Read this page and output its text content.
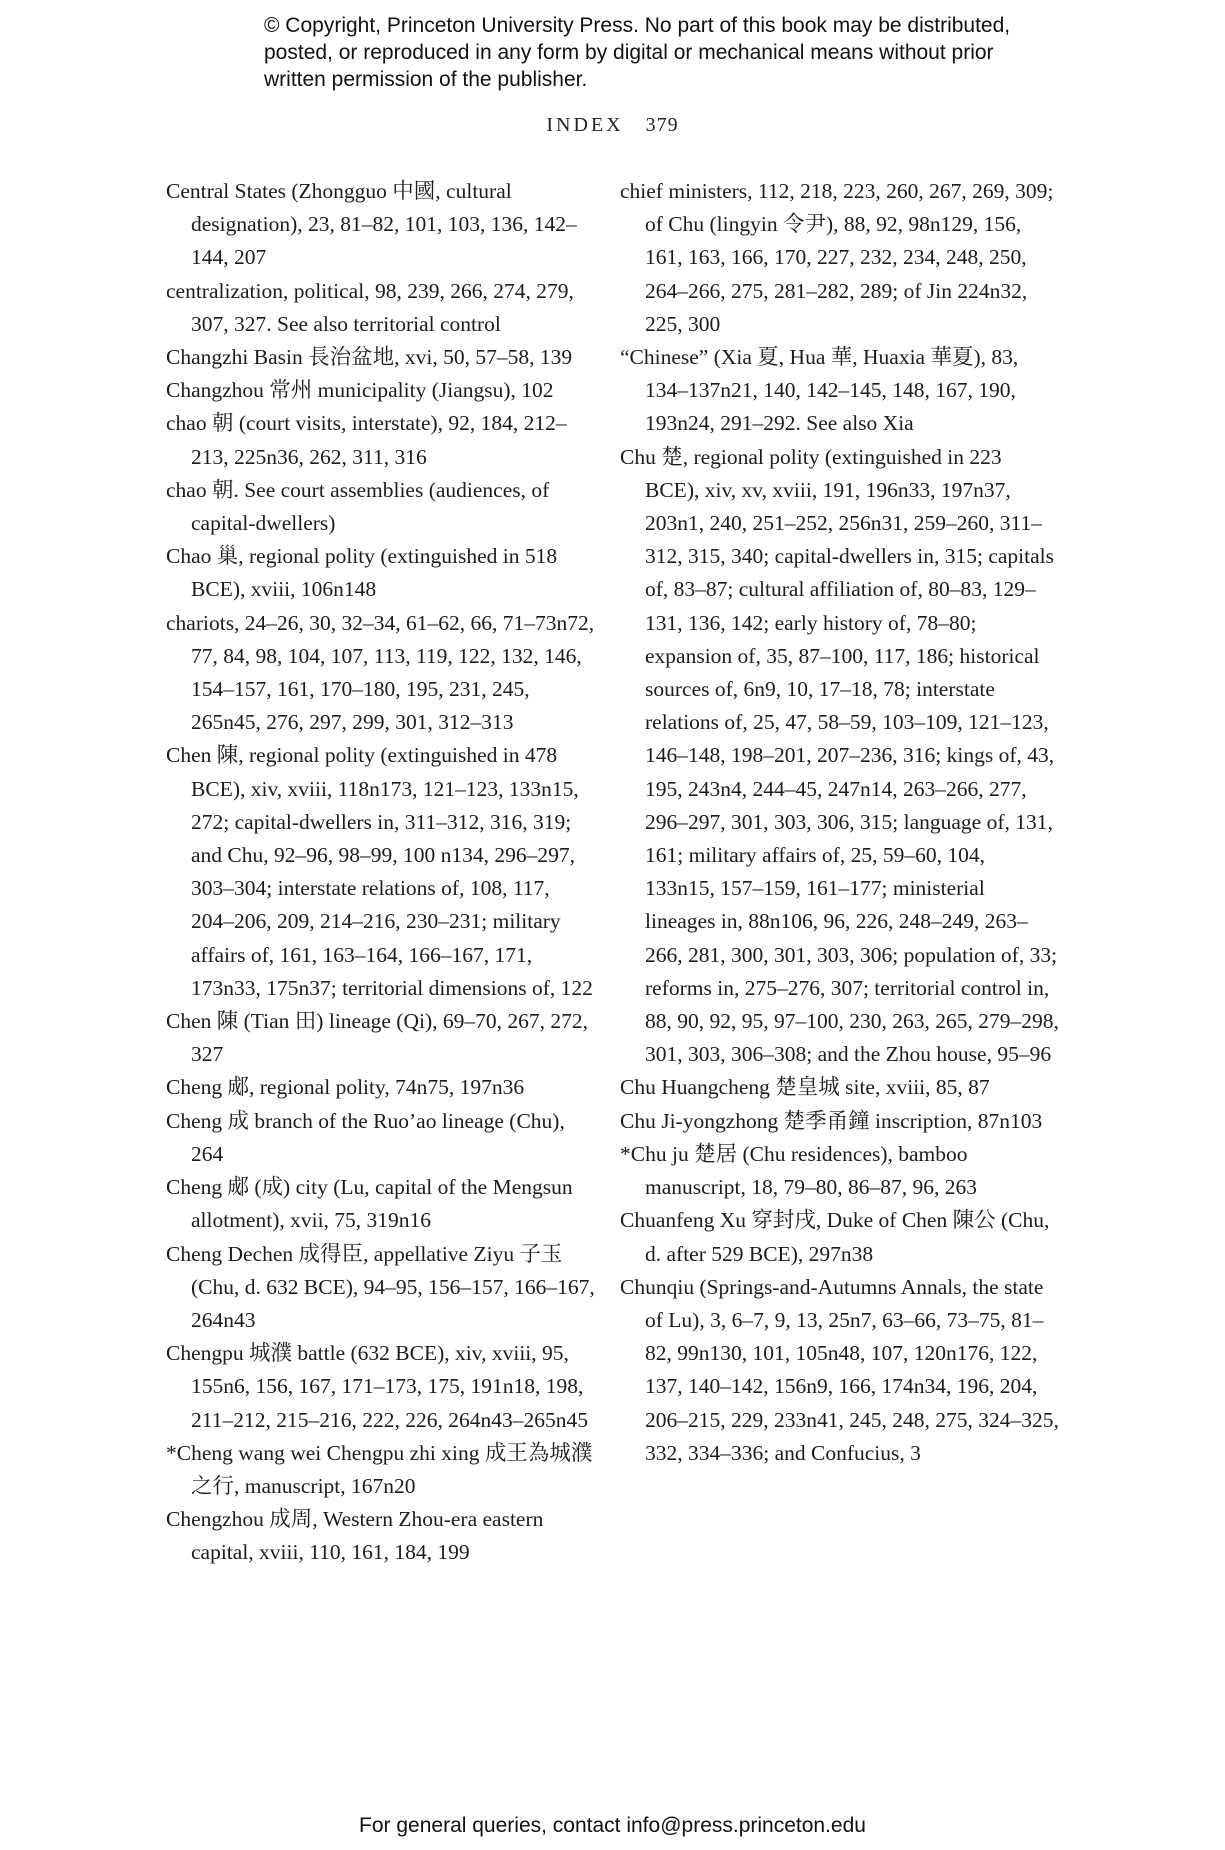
© Copyright, Princeton University Press. No part of this book may be distributed, posted, or reproduced in any form by digital or mechanical means without prior written permission of the publisher.
INDEX 379

Central States (Zhongguo 中國, cultural designation), 23, 81–82, 101, 103, 136, 142–144, 207

centralization, political, 98, 239, 266, 274, 279, 307, 327. See also territorial control

Changzhi Basin 長治盆地, xvi, 50, 57–58, 139

Changzhou 常州 municipality (Jiangsu), 102

chao 朝 (court visits, interstate), 92, 184, 212–213, 225n36, 262, 311, 316

chao 朝. See court assemblies (audiences, of capital-dwellers)

Chao 巢, regional polity (extinguished in 518 BCE), xviii, 106n148

chariots, 24–26, 30, 32–34, 61–62, 66, 71–73n72, 77, 84, 98, 104, 107, 113, 119, 122, 132, 146, 154–157, 161, 170–180, 195, 231, 245, 265n45, 276, 297, 299, 301, 312–313

Chen 陳, regional polity (extinguished in 478 BCE), xiv, xviii, 118n173, 121–123, 133n15, 272; capital-dwellers in, 311–312, 316, 319; and Chu, 92–96, 98–99, 100 n134, 296–297, 303–304; interstate relations of, 108, 117, 204–206, 209, 214–216, 230–231; military affairs of, 161, 163–164, 166–167, 171, 173n33, 175n37; territorial dimensions of, 122

Chen 陳 (Tian 田) lineage (Qi), 69–70, 267, 272, 327

Cheng 郕, regional polity, 74n75, 197n36

Cheng 成 branch of the Ruo’ao lineage (Chu), 264

Cheng 郕 (成) city (Lu, capital of the Mengsun allotment), xvii, 75, 319n16

Cheng Dechen 成得臣, appellative Ziyu 子玉 (Chu, d. 632 BCE), 94–95, 156–157, 166–167, 264n43

Chengpu 城濮 battle (632 BCE), xiv, xviii, 95, 155n6, 156, 167, 171–173, 175, 191n18, 198, 211–212, 215–216, 222, 226, 264n43–265n45

*Cheng wang wei Chengpu zhi xing 成王為城濮之行, manuscript, 167n20

Chengzhou 成周, Western Zhou-era eastern capital, xviii, 110, 161, 184, 199

chief ministers, 112, 218, 223, 260, 267, 269, 309; of Chu (lingyin 令尹), 88, 92, 98n129, 156, 161, 163, 166, 170, 227, 232, 234, 248, 250, 264–266, 275, 281–282, 289; of Jin 224n32, 225, 300

“Chinese” (Xia 夏, Hua 華, Huaxia 華夏), 83, 134–137n21, 140, 142–145, 148, 167, 190, 193n24, 291–292. See also Xia

Chu 楚, regional polity (extinguished in 223 BCE), xiv, xv, xviii, 191, 196n33, 197n37, 203n1, 240, 251–252, 256n31, 259–260, 311–312, 315, 340; capital-dwellers in, 315; capitals of, 83–87; cultural affiliation of, 80–83, 129–131, 136, 142; early history of, 78–80; expansion of, 35, 87–100, 117, 186; historical sources of, 6n9, 10, 17–18, 78; interstate relations of, 25, 47, 58–59, 103–109, 121–123, 146–148, 198–201, 207–236, 316; kings of, 43, 195, 243n4, 244–45, 247n14, 263–266, 277, 296–297, 301, 303, 306, 315; language of, 131, 161; military affairs of, 25, 59–60, 104, 133n15, 157–159, 161–177; ministerial lineages in, 88n106, 96, 226, 248–249, 263–266, 281, 300, 301, 303, 306; population of, 33; reforms in, 275–276, 307; territorial control in, 88, 90, 92, 95, 97–100, 230, 263, 265, 279–298, 301, 303, 306–308; and the Zhou house, 95–96

Chu Huangcheng 楚皇城 site, xviii, 85, 87

Chu Ji-yongzhong 楚季甬鐘 inscription, 87n103

*Chu ju 楚居 (Chu residences), bamboo manuscript, 18, 79–80, 86–87, 96, 263

Chuanfeng Xu 穿封戌, Duke of Chen 陳公 (Chu, d. after 529 BCE), 297n38

Chunqiu (Springs-and-Autumns Annals, the state of Lu), 3, 6–7, 9, 13, 25n7, 63–66, 73–75, 81–82, 99n130, 101, 105n48, 107, 120n176, 122, 137, 140–142, 156n9, 166, 174n34, 196, 204, 206–215, 229, 233n41, 245, 248, 275, 324–325, 332, 334–336; and Confucius, 3

For general queries, contact info@press.princeton.edu
